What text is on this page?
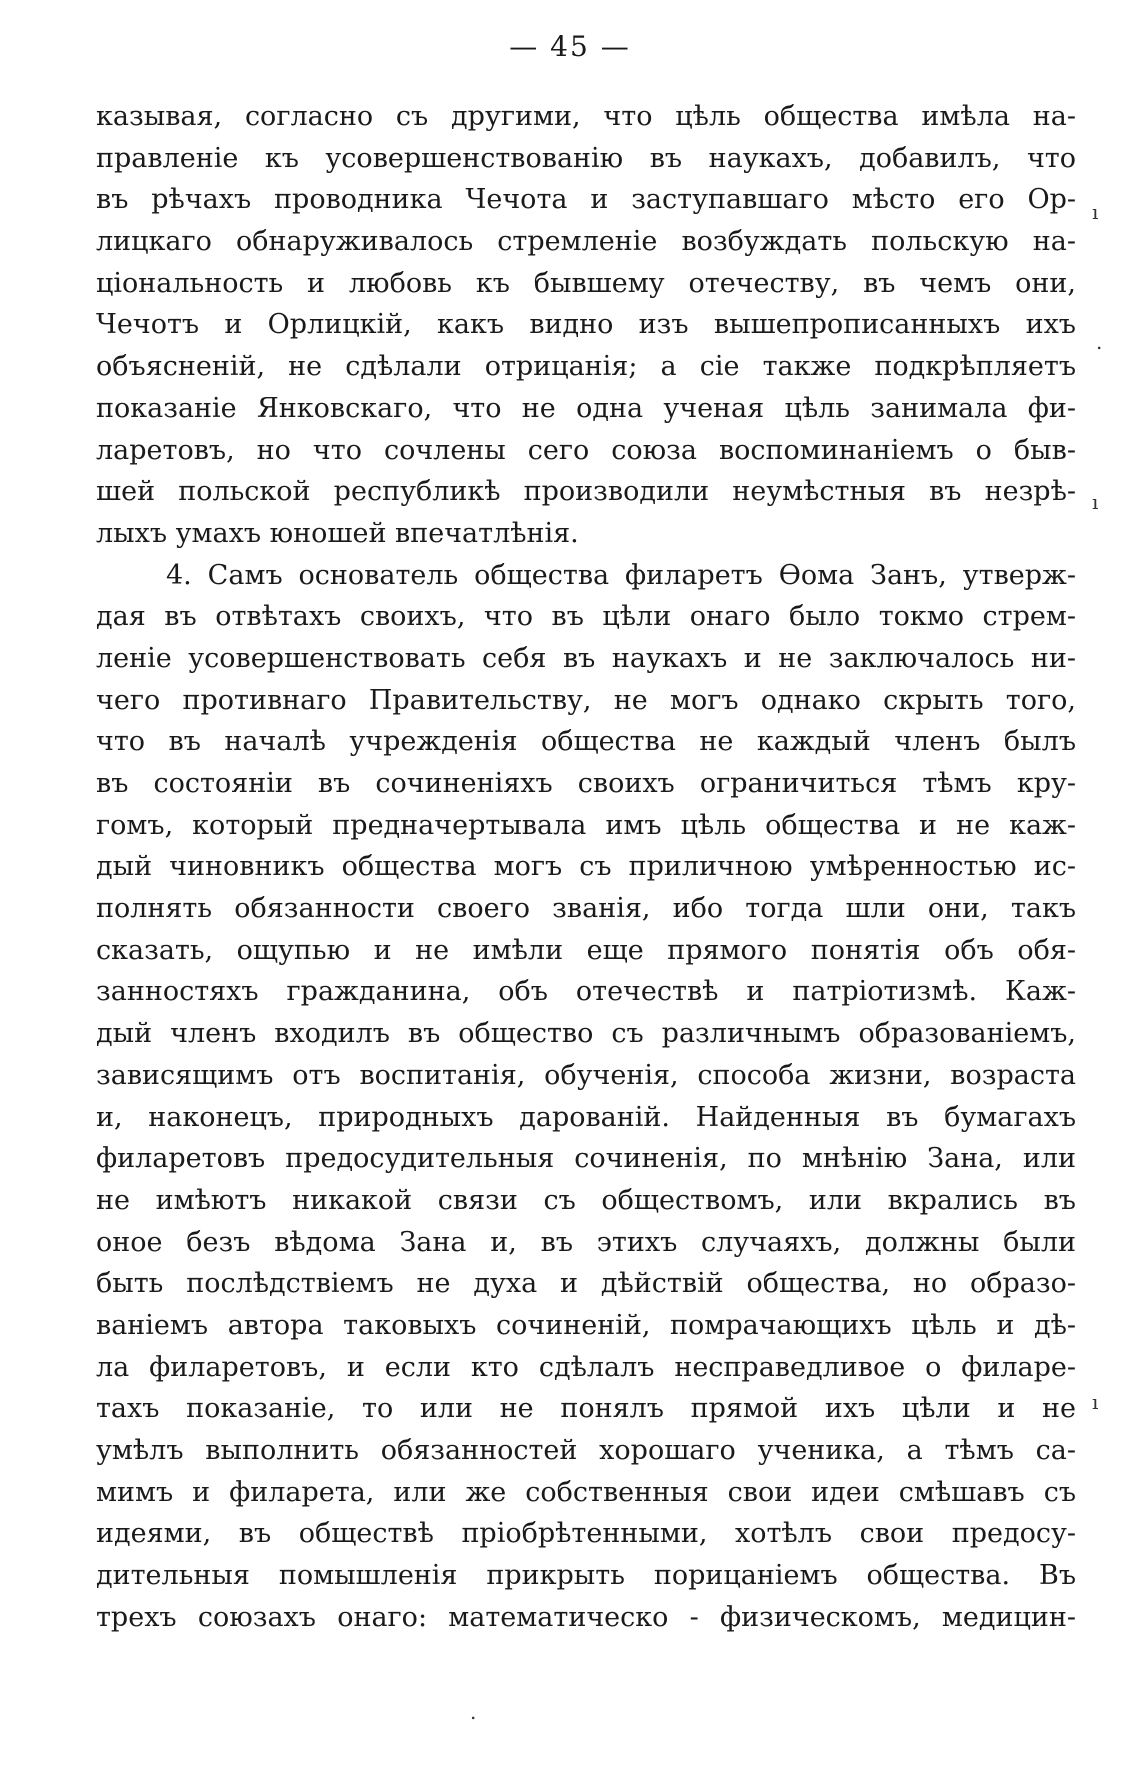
— 45 —
казывая, согласно съ другими, что цѣль общества имѣла на-
правленіе къ усовершенствованію въ наукахъ, добавилъ, что
въ рѣчахъ проводника Чечота и заступавшаго мѣсто его Ор-
лицкаго обнаруживалось стремленіе возбуждать польскую на-
ціональность и любовь къ бывшему отечеству, въ чемъ они,
Чечотъ и Орлицкій, какъ видно изъ вышепрописанныхъ ихъ
объясненій, не сдѣлали отрицанія; а сіе также подкрѣпляетъ
показаніе Янковскаго, что не одна ученая цѣль занимала фи-
ларетовъ, но что сочлены сего союза воспоминаніемъ о быв-
шей польской республикѣ производили неумѣстныя въ незрѣ-
лыхъ умахъ юношей впечатлѣнія.
4. Самъ основатель общества филаретъ Ѳома Занъ, утверж-
дая въ отвѣтахъ своихъ, что въ цѣли онаго было токмо стрем-
леніе усовершенствовать себя въ наукахъ и не заключалось ни-
чего противнаго Правительству, не могъ однако скрыть того,
что въ началѣ учрежденія общества не каждый членъ былъ
въ состояніи въ сочиненіяхъ своихъ ограничиться тѣмъ кру-
гомъ, который предначертывала имъ цѣль общества и не каж-
дый чиновникъ общества могъ съ приличною умѣренностью ис-
полнять обязанности своего званія, ибо тогда шли они, такъ
сказать, ощупью и не имѣли еще прямого понятія объ обя-
занностяхъ гражданина, объ отечествѣ и патріотизмѣ. Каж-
дый членъ входилъ въ общество съ различнымъ образованіемъ,
зависящимъ отъ воспитанія, обученія, способа жизни, возраста
и, наконецъ, природныхъ дарованій. Найденныя въ бумагахъ
филаретовъ предосудительныя сочиненія, по мнѣнію Зана, или
не имѣютъ никакой связи съ обществомъ, или вкрались въ
оное безъ вѣдома Зана и, въ этихъ случаяхъ, должны были
быть послѣдствіемъ не духа и дѣйствій общества, но образо-
ваніемъ автора таковыхъ сочиненій, помрачающихъ цѣль и дѣ-
ла филаретовъ, и если кто сдѣлалъ несправедливое о филаре-
тахъ показаніе, то или не понялъ прямой ихъ цѣли и не
умѣлъ выполнить обязанностей хорошаго ученика, а тѣмъ са-
мимъ и филарета, или же собственныя свои идеи смѣшавъ съ
идеями, въ обществѣ пріобрѣтенными, хотѣлъ свои предосу-
дительныя помышленія прикрыть порицаніемъ общества. Въ
трехъ союзахъ онаго: математическо - физическомъ, медицин-
ı
.
ı
ı
.
